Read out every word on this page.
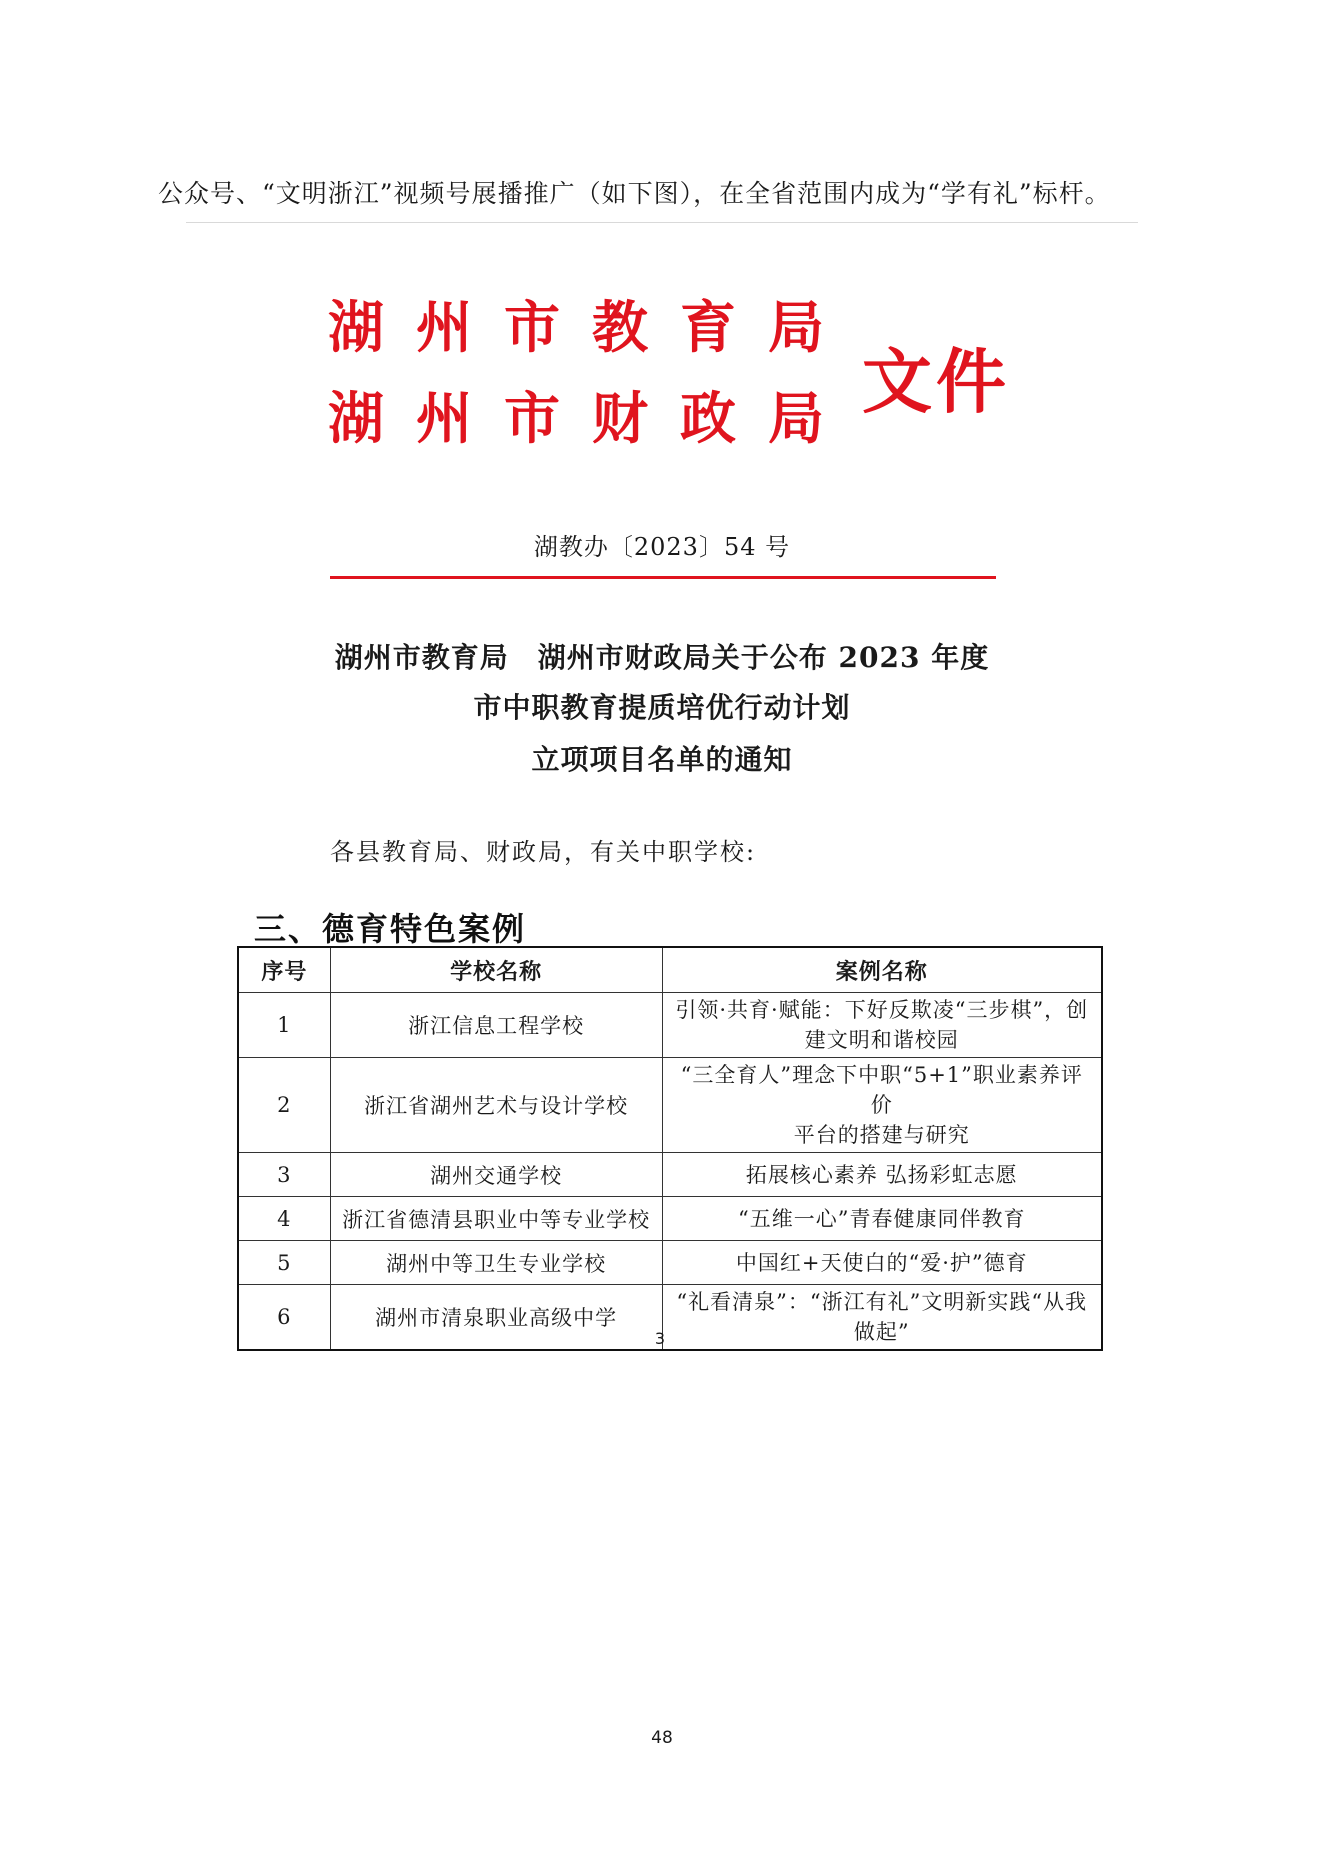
公众号、“文明浙江”视频号展播推广（如下图），在全省范围内成为“学有礼”标杆。
湖州市教育局
湖州市财政局 文件
湖教办〔2023〕54 号
湖州市教育局　湖州市财政局关于公布 2023 年度
市中职教育提质培优行动计划
立项项目名单的通知
各县教育局、财政局，有关中职学校:
三、德育特色案例
序号	学校名称	案例名称
1	浙江信息工程学校	引领·共育·赋能：下好反欺凌“三步棋”，创
建文明和谐校园

2	浙江省湖州艺术与设计学校	“三全育人”理念下中职“5+1”职业素养评价
平台的搭建与研究

3	湖州交通学校	拓展核心素养 弘扬彩虹志愿

4	浙江省德清县职业中等专业学校	“五维一心”青春健康同伴教育

5	湖州中等卫生专业学校	中国红+天使白的“爱·护”德育

6	湖州市清泉职业高级中学	“礼看清泉”：“浙江有礼”文明新实践“从我
做起”
3
48
